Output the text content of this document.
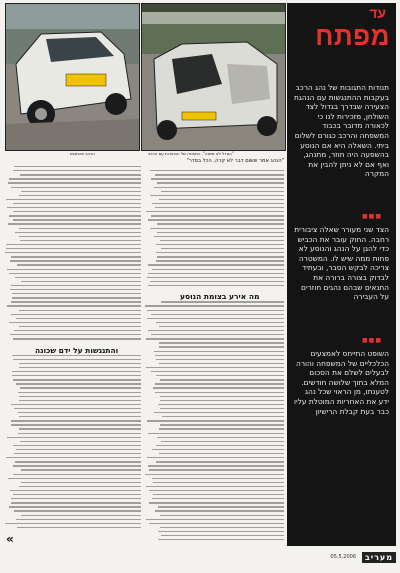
הרכב שהתנגש	"הגודל לא משנה". התאונה של הבחורות עם הרכב
עד
מפתח
תנודות התגובות של נהג הרכב בעקבות ההתנגשות עם הנהגת הצעירה שבדרך בגדול לצד השולחן, מזכירות לנו כי לכאורה מדובר בכבוד המשפחה והרכב כגורם לשלום ביתי. השאלה היא אם הנוסע בהשפעה היה חוזר, מתנהג, ואף אם לא ניתן להבין את המקרה
■■■
הצד שני מעורר שאלה ציבורית רחבה. החוק עובר את הכביש כדי להגן על הנהג והנוסע לא פחות ממה שיש לו. המשטרה צריכה לבקש הסבר, ובעתיד לבדוק בצורה ברורה את התנאים שבהם נהגים חוזרים על העבירה
■■■
השופט התייחס לאמצעים הכלכליים של המשפחה והורה לבעלים לשלם את הסכום המלא בתוך שלושה חודשים. לטענתו, מן הראוי שכל נהג ידע את האחריות המוטלת עליו כבר בעת קבלת הרישיון
"הנהג אמר ששום דבר לא קרה, הכל בסדר"
מה אירע בצומת הנוסע
והתנגשות על ידם שכונה
«
מעריב
05.5.2006
